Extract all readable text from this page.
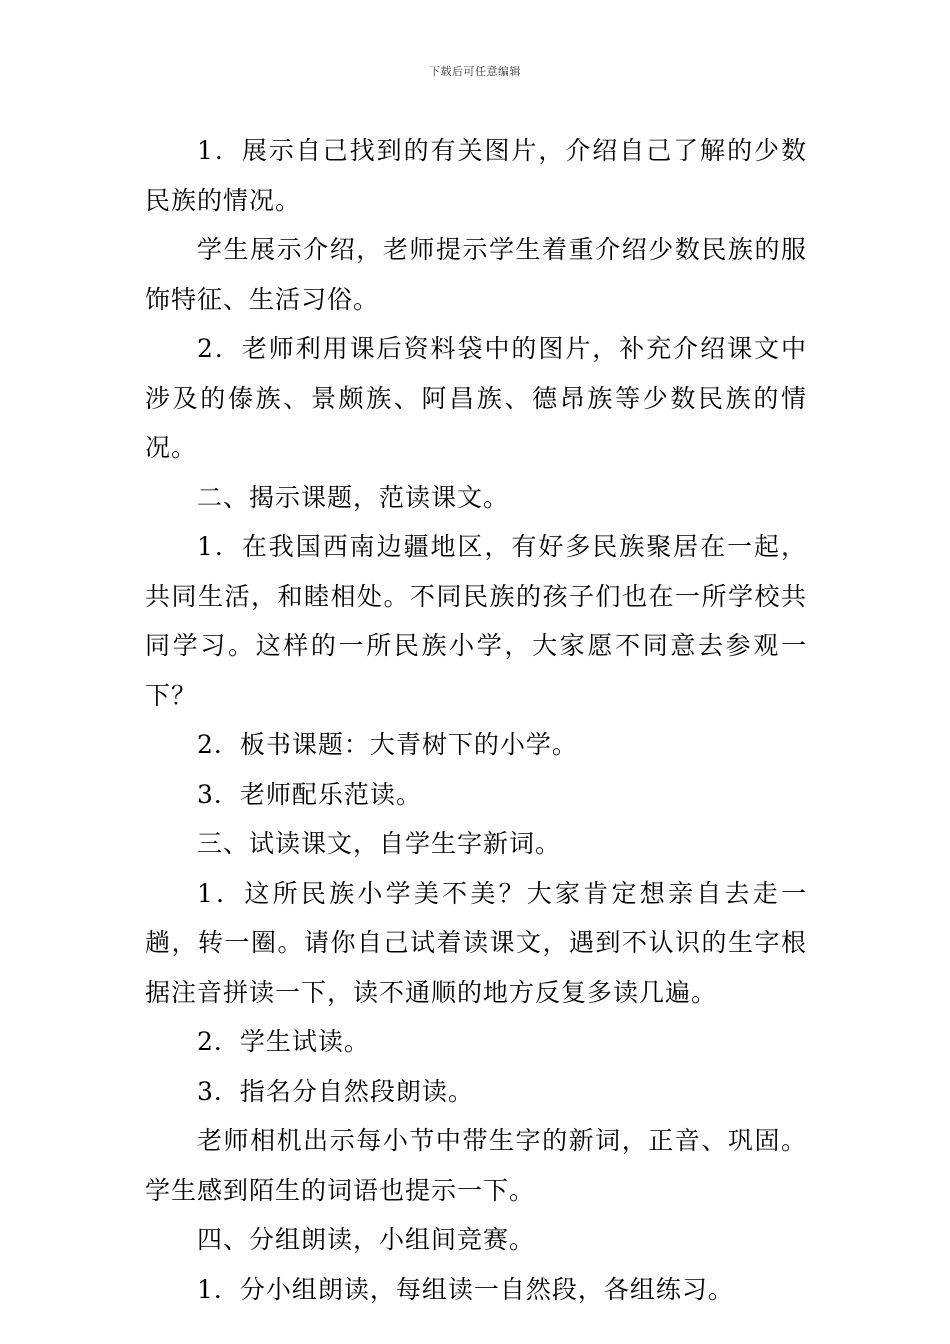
下载后可任意编辑

1．展示自己找到的有关图片，介绍自己了解的少数民族的情况。

学生展示介绍，老师提示学生着重介绍少数民族的服饰特征、生活习俗。

2．老师利用课后资料袋中的图片，补充介绍课文中涉及的傣族、景颇族、阿昌族、德昂族等少数民族的情况。

二、揭示课题，范读课文。

1．在我国西南边疆地区，有好多民族聚居在一起，共同生活，和睦相处。不同民族的孩子们也在一所学校共同学习。这样的一所民族小学，大家愿不同意去参观一下？

2．板书课题：大青树下的小学。

3．老师配乐范读。

三、试读课文，自学生字新词。

1．这所民族小学美不美？大家肯定想亲自去走一趟，转一圈。请你自己试着读课文，遇到不认识的生字根据注音拼读一下，读不通顺的地方反复多读几遍。

2．学生试读。

3．指名分自然段朗读。

老师相机出示每小节中带生字的新词，正音、巩固。学生感到陌生的词语也提示一下。

四、分组朗读，小组间竞赛。

1．分小组朗读，每组读一自然段，各组练习。
